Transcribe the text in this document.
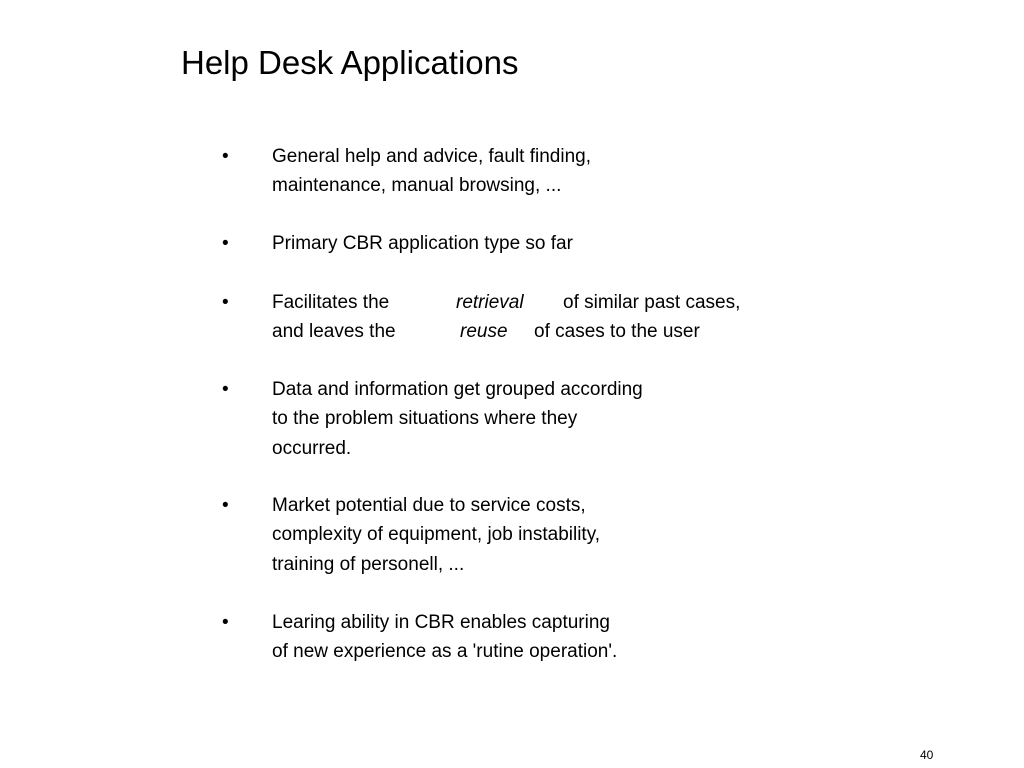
Help Desk Applications
•	General help and advice, fault finding,
maintenance, manual browsing, ...
•	Primary CBR application type so far
•	Facilitates the	retrieval of similar past cases,
and leaves the	reuse of cases to the user
•	Data and information get grouped according
to the problem situations where they
occurred.
•	Market potential due to service costs,
complexity of equipment, job instability,
training of personell, ...
•	Learing ability in CBR enables capturing
of new experience as a 'rutine operation'.
40
